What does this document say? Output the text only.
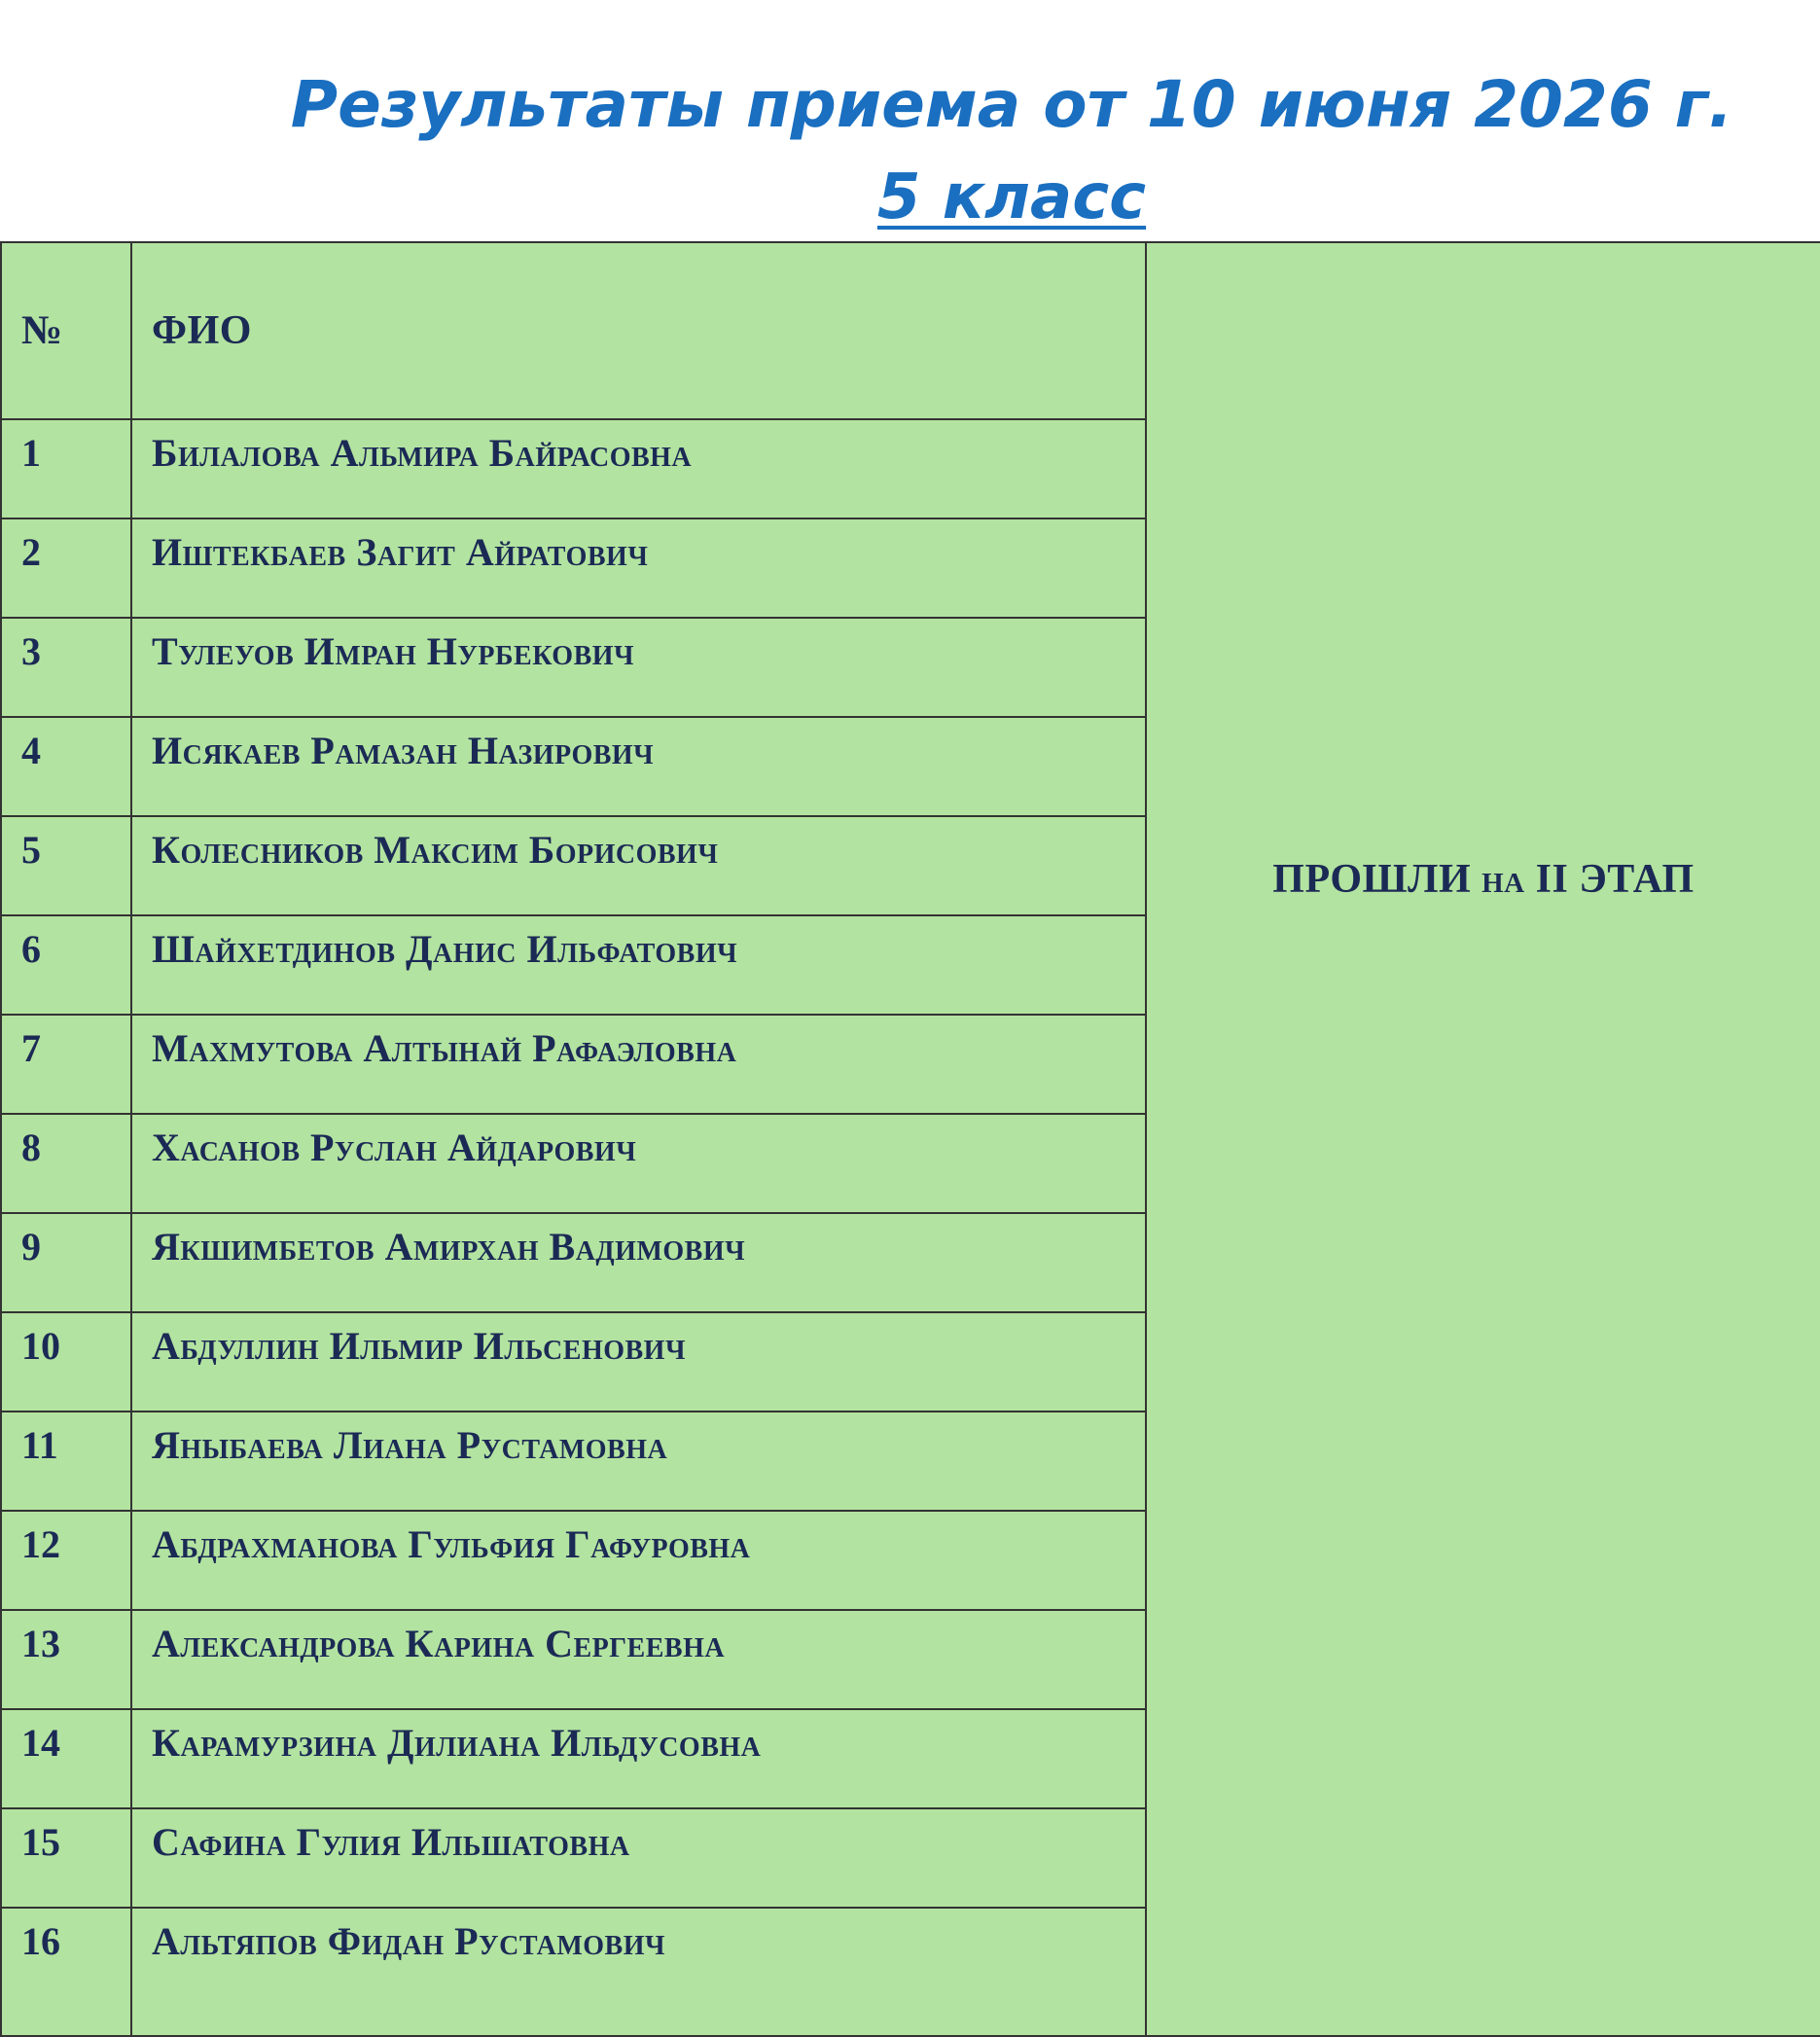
Результаты приема от 10 июня 2026 г.
5 класс
№	ФИО	ПРОШЛИ на II ЭТАП
1	Билалова Альмира Байрасовна	
2	Иштекбаев Загит Айратович	
3	Тулеуов Имран Нурбекович	
4	Исякаев Рамазан Назирович	
5	Колесников Максим Борисович	
6	Шайхетдинов Данис Ильфатович	
7	Махмутова Алтынай Рафаэловна	
8	Хасанов Руслан Айдарович	
9	Якшимбетов Амирхан Вадимович	
10	Абдуллин Ильмир Ильсенович	
11	Яныбаева Лиана Рустамовна	
12	Абдрахманова Гульфия Гафуровна	
13	Александрова Карина Сергеевна	
14	Карамурзина Дилиана Ильдусовна	
15	Сафина Гулия Ильшатовна	
16	Альтяпов Фидан Рустамович	
